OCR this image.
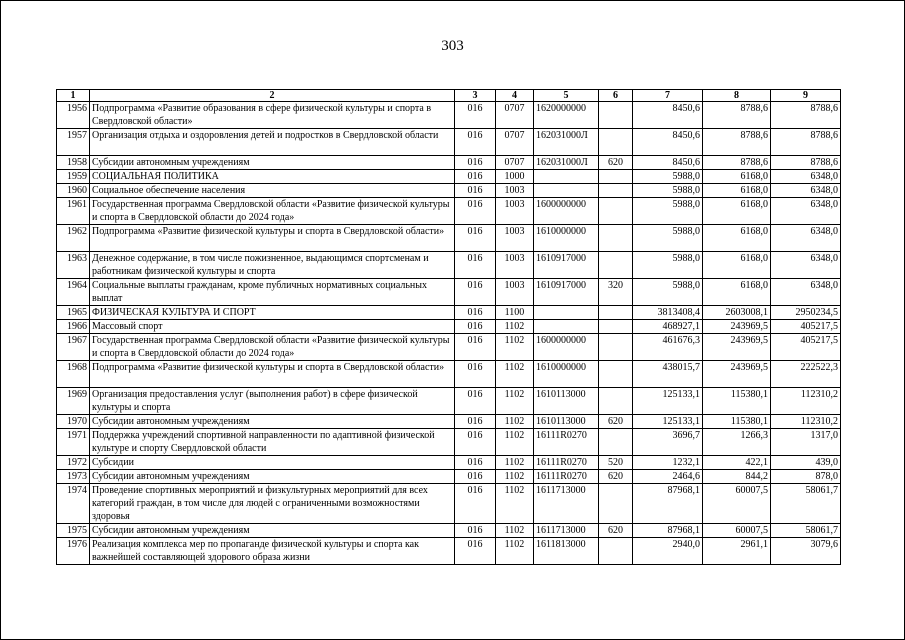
303
1	2	3	4	5	6	7	8	9
1956	Подпрограмма «Развитие образования в сфере физической культуры и спорта в Свердловской области»	016	0707	1620000000		8450,6	8788,6	8788,6
1957	Организация отдыха и оздоровления детей и подростков в Свердловской области	016	0707	162031000Л		8450,6	8788,6	8788,6
1958	Субсидии автономным учреждениям	016	0707	162031000Л	620	8450,6	8788,6	8788,6
1959	СОЦИАЛЬНАЯ ПОЛИТИКА	016	1000			5988,0	6168,0	6348,0
1960	Социальное обеспечение населения	016	1003			5988,0	6168,0	6348,0
1961	Государственная программа Свердловской области «Развитие физической культуры и спорта в Свердловской области до 2024 года»	016	1003	1600000000		5988,0	6168,0	6348,0
1962	Подпрограмма «Развитие физической культуры и спорта в Свердловской области»	016	1003	1610000000		5988,0	6168,0	6348,0
1963	Денежное содержание, в том числе пожизненное, выдающимся спортсменам и работникам физической культуры и спорта	016	1003	1610917000		5988,0	6168,0	6348,0
1964	Социальные выплаты гражданам, кроме публичных нормативных социальных выплат	016	1003	1610917000	320	5988,0	6168,0	6348,0
1965	ФИЗИЧЕСКАЯ КУЛЬТУРА И СПОРТ	016	1100			3813408,4	2603008,1	2950234,5
1966	Массовый спорт	016	1102			468927,1	243969,5	405217,5
1967	Государственная программа Свердловской области «Развитие физической культуры и спорта в Свердловской области до 2024 года»	016	1102	1600000000		461676,3	243969,5	405217,5
1968	Подпрограмма «Развитие физической культуры и спорта в Свердловской области»	016	1102	1610000000		438015,7	243969,5	222522,3
1969	Организация предоставления услуг (выполнения работ) в сфере физической культуры и спорта	016	1102	1610113000		125133,1	115380,1	112310,2
1970	Субсидии автономным учреждениям	016	1102	1610113000	620	125133,1	115380,1	112310,2
1971	Поддержка учреждений спортивной направленности по адаптивной физической культуре и спорту Свердловской области	016	1102	16111R0270		3696,7	1266,3	1317,0
1972	Субсидии	016	1102	16111R0270	520	1232,1	422,1	439,0
1973	Субсидии автономным учреждениям	016	1102	16111R0270	620	2464,6	844,2	878,0
1974	Проведение спортивных мероприятий и физкультурных мероприятий для всех категорий граждан, в том числе для людей с ограниченными возможностями здоровья	016	1102	1611713000		87968,1	60007,5	58061,7
1975	Субсидии автономным учреждениям	016	1102	1611713000	620	87968,1	60007,5	58061,7
1976	Реализация комплекса мер по пропаганде физической культуры и спорта как важнейшей составляющей здорового образа жизни	016	1102	1611813000		2940,0	2961,1	3079,6
